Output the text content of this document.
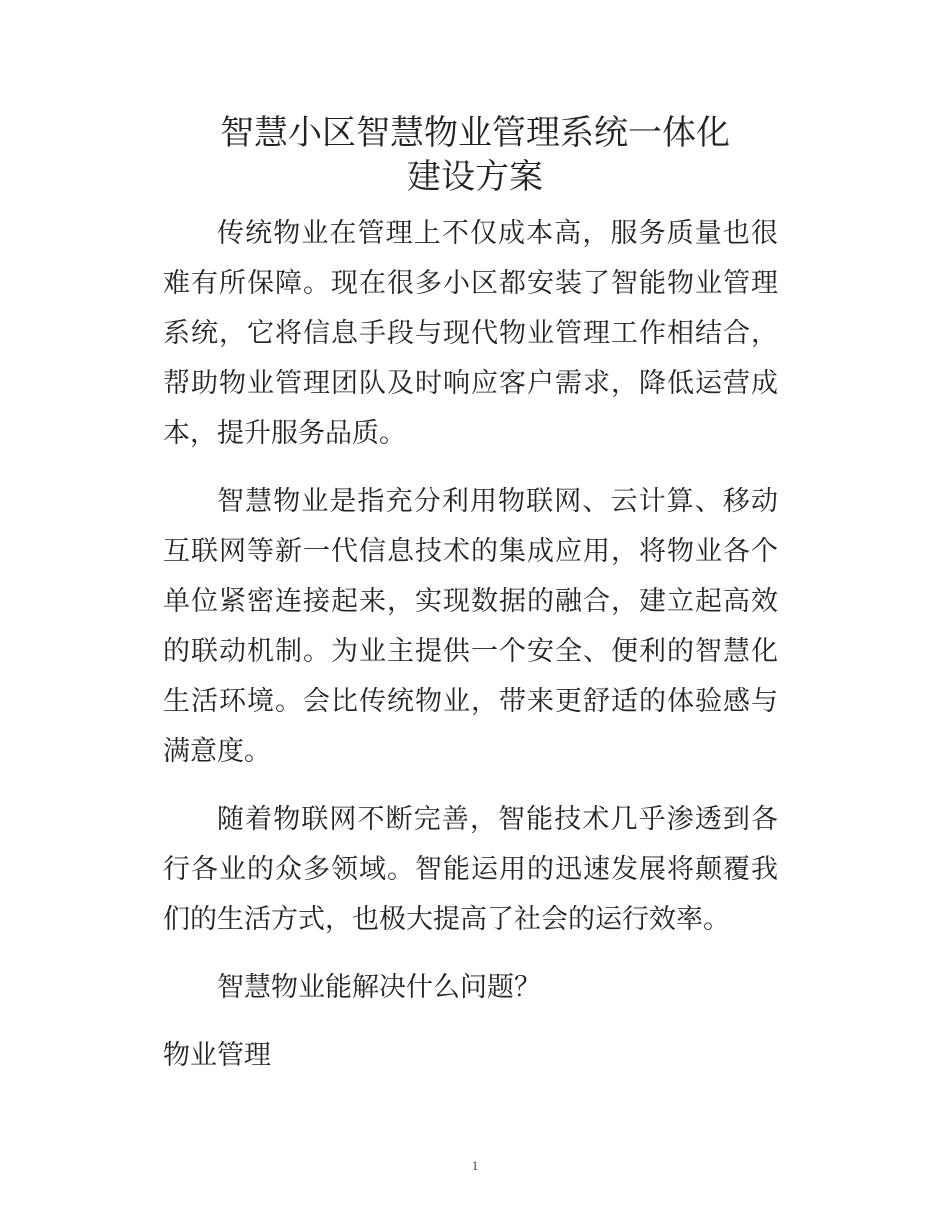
智慧小区智慧物业管理系统一体化
建设方案

传统物业在管理上不仅成本高，服务质量也很难有所保障。现在很多小区都安装了智能物业管理系统，它将信息手段与现代物业管理工作相结合，帮助物业管理团队及时响应客户需求，降低运营成本，提升服务品质。

智慧物业是指充分利用物联网、云计算、移动互联网等新一代信息技术的集成应用，将物业各个单位紧密连接起来，实现数据的融合，建立起高效的联动机制。为业主提供一个安全、便利的智慧化生活环境。会比传统物业，带来更舒适的体验感与满意度。

随着物联网不断完善，智能技术几乎渗透到各行各业的众多领域。智能运用的迅速发展将颠覆我们的生活方式，也极大提高了社会的运行效率。

智慧物业能解决什么问题？

物业管理

1
